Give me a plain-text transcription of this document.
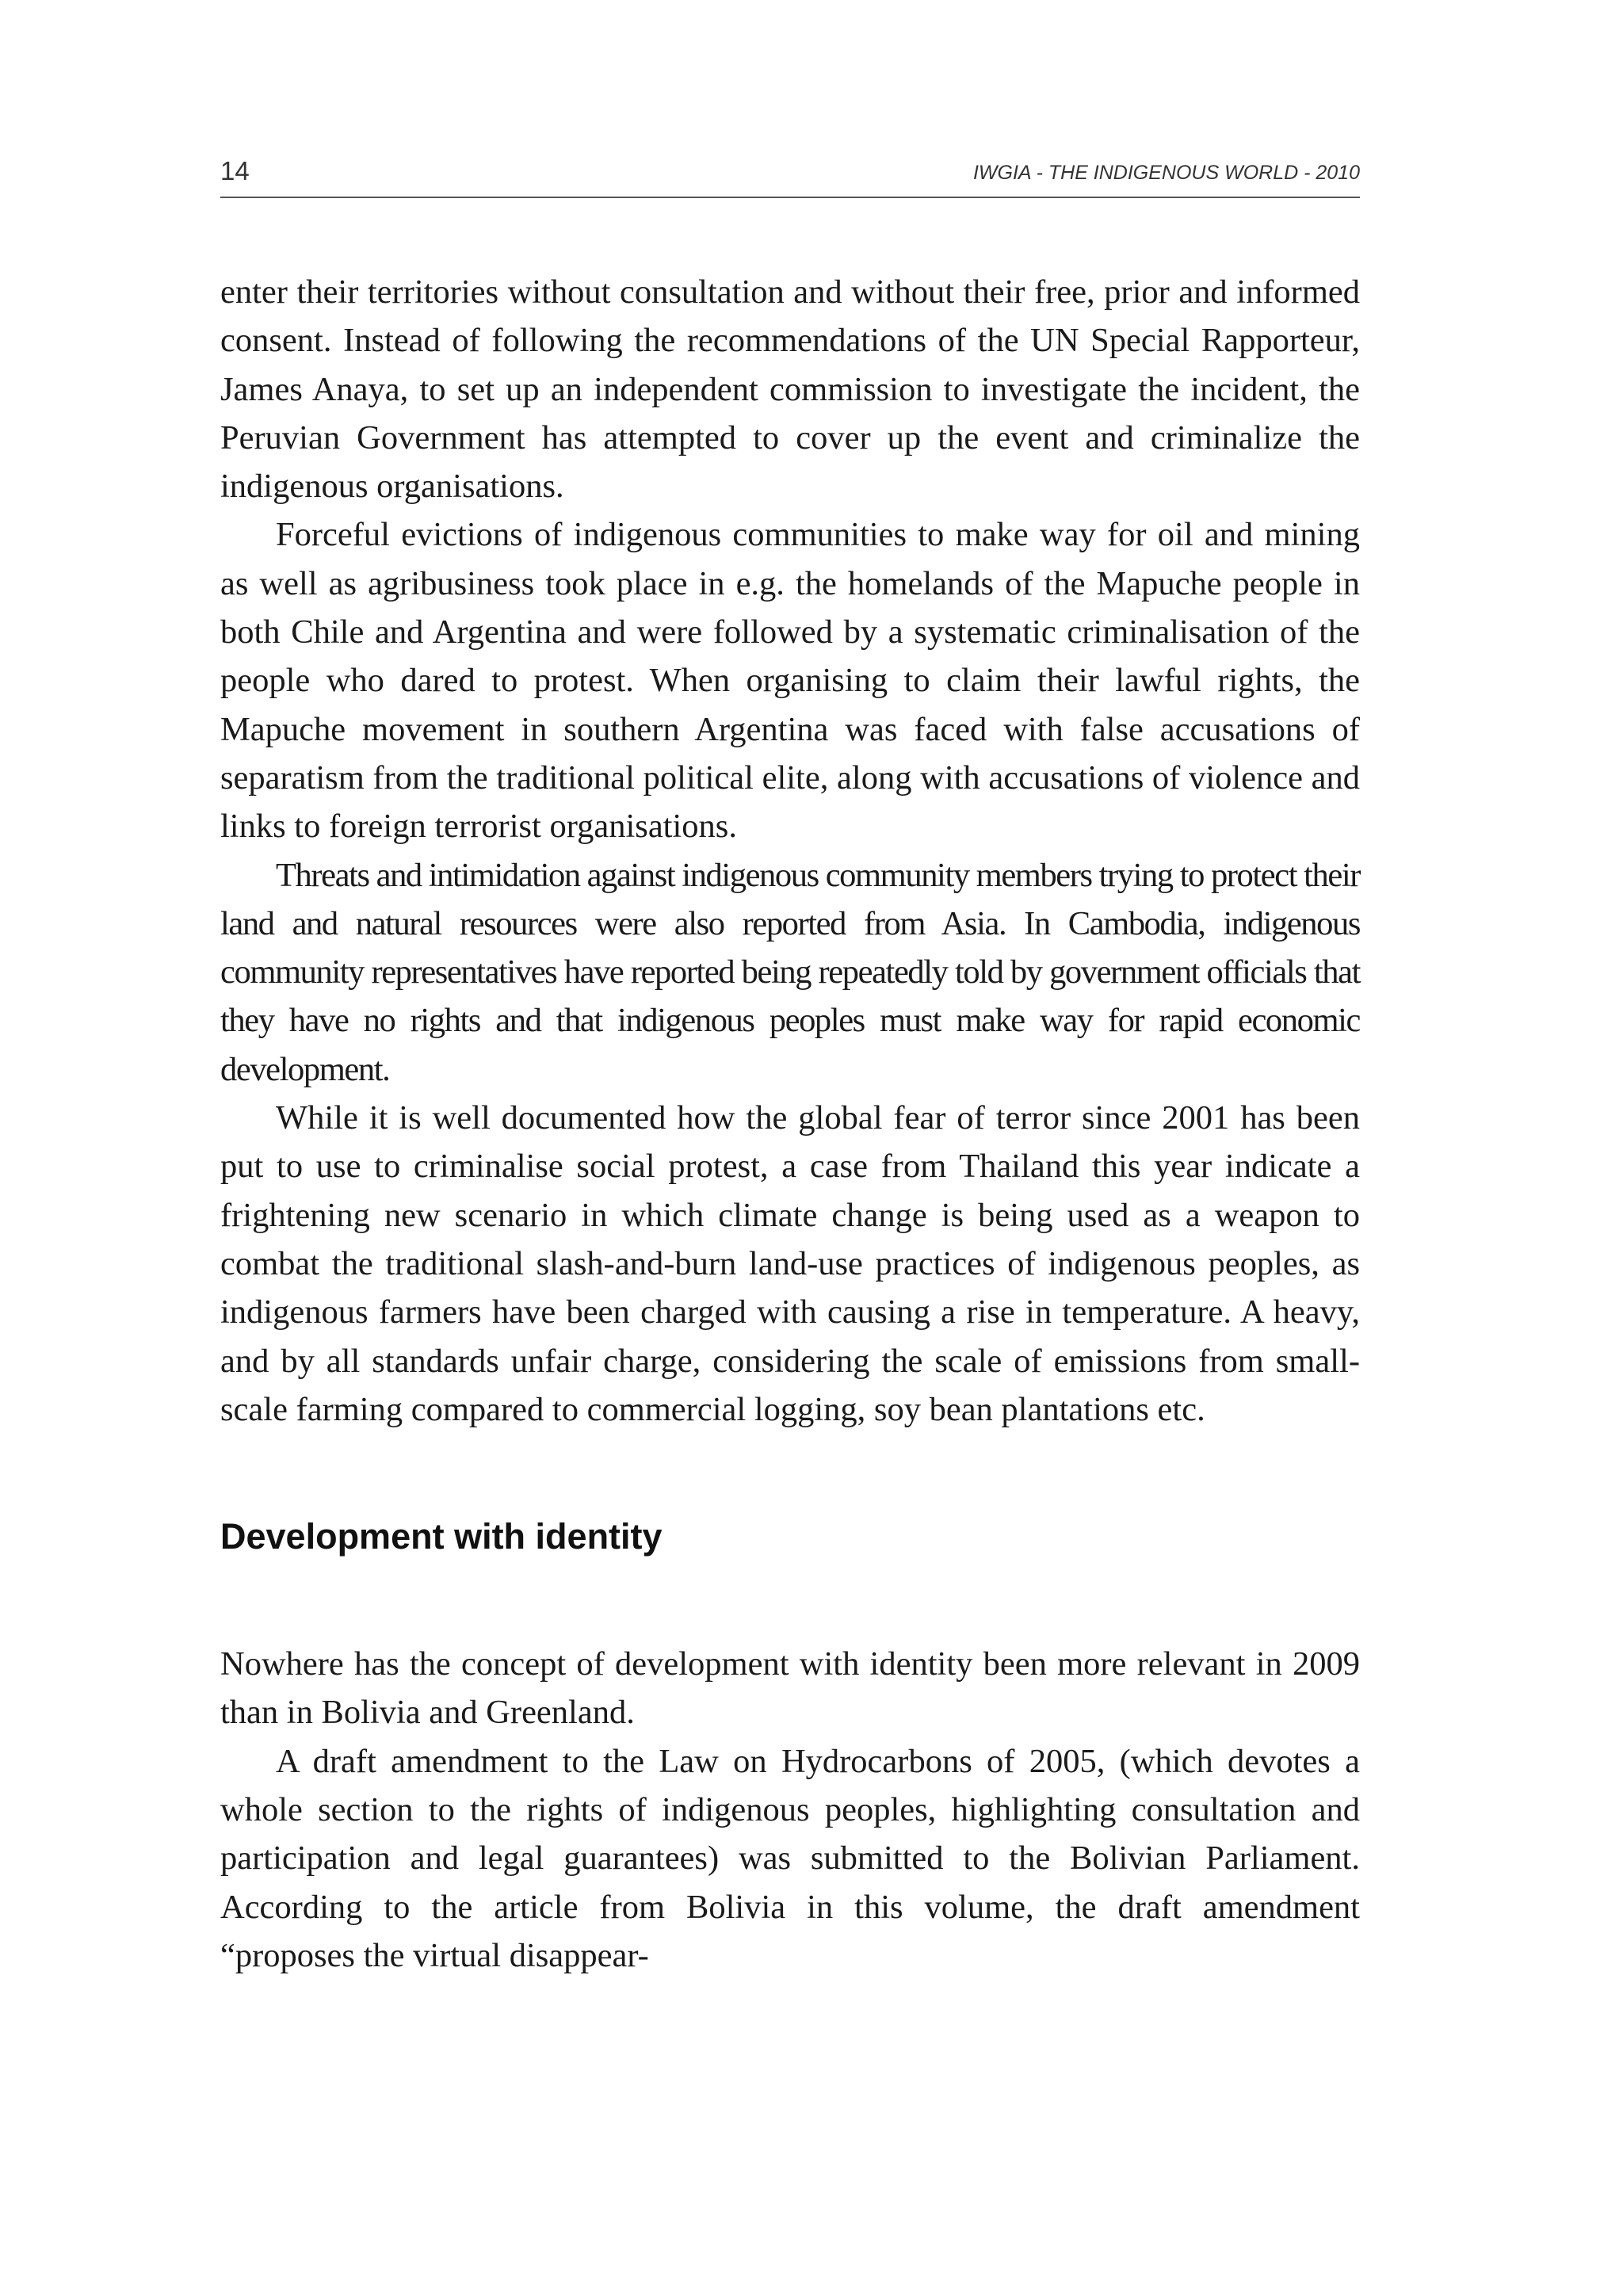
14	IWGIA - THE INDIGENOUS WORLD - 2010

enter their territories without consultation and without their free, prior and informed consent. Instead of following the recommendations of the UN Special Rapporteur, James Anaya, to set up an independent commission to investigate the incident, the Peruvian Government has attempted to cover up the event and criminalize the indigenous organisations.

Forceful evictions of indigenous communities to make way for oil and mining as well as agribusiness took place in e.g. the homelands of the Mapuche people in both Chile and Argentina and were followed by a systematic criminalisation of the people who dared to protest. When organising to claim their lawful rights, the Mapuche movement in southern Argentina was faced with false accusations of separatism from the traditional political elite, along with accusations of violence and links to foreign terrorist organisations.

Threats and intimidation against indigenous community members trying to protect their land and natural resources were also reported from Asia. In Cambodia, indigenous community representatives have reported being repeatedly told by government officials that they have no rights and that indigenous peoples must make way for rapid economic development.

While it is well documented how the global fear of terror since 2001 has been put to use to criminalise social protest, a case from Thailand this year indicate a frightening new scenario in which climate change is being used as a weapon to combat the traditional slash-and-burn land-use practices of indigenous peoples, as indigenous farmers have been charged with causing a rise in temperature. A heavy, and by all standards unfair charge, considering the scale of emissions from small-scale farming compared to commercial logging, soy bean plantations etc.

Development with identity

Nowhere has the concept of development with identity been more relevant in 2009 than in Bolivia and Greenland.

A draft amendment to the Law on Hydrocarbons of 2005, (which devotes a whole section to the rights of indigenous peoples, highlighting consultation and participation and legal guarantees) was submitted to the Bolivian Parliament. According to the article from Bolivia in this volume, the draft amendment “proposes the virtual disappear-
